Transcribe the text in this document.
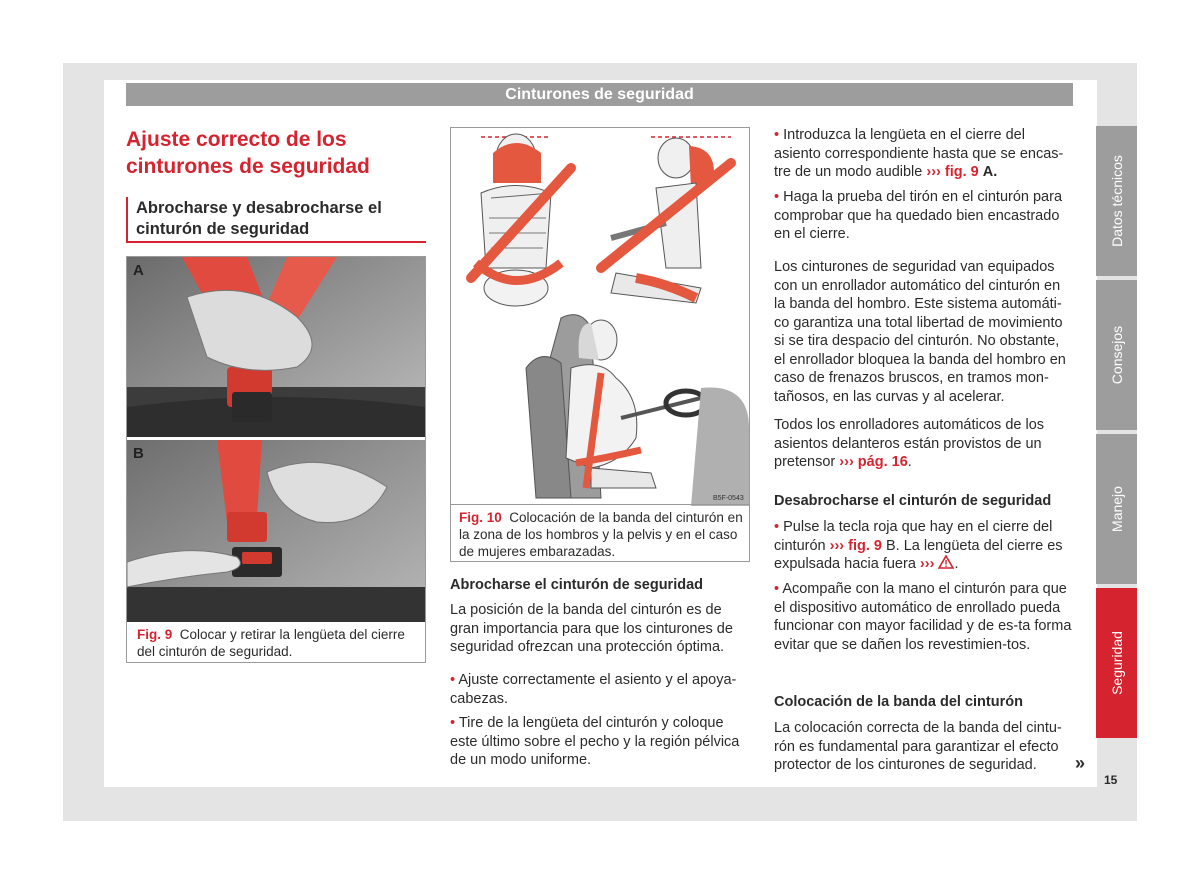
Cinturones de seguridad
Ajuste correcto de los cinturones de seguridad
Abrocharse y desabrocharse el cinturón de seguridad
A
B
B5F-0542
Fig. 9 Colocar y retirar la lengüeta del cierre del cinturón de seguridad.
B5F-0543
Fig. 10 Colocación de la banda del cinturón en la zona de los hombros y la pelvis y en el caso de mujeres embarazadas.
Abrocharse el cinturón de seguridad

La posición de la banda del cinturón es de gran importancia para que los cinturones de seguridad ofrezcan una protección óptima.

• Ajuste correctamente el asiento y el apoya-cabezas.

• Tire de la lengüeta del cinturón y coloque este último sobre el pecho y la región pélvica de un modo uniforme.

• Introduzca la lengüeta en el cierre del asiento correspondiente hasta que se encas-tre de un modo audible ››› fig. 9 A.

• Haga la prueba del tirón en el cinturón para comprobar que ha quedado bien encastrado en el cierre.

Los cinturones de seguridad van equipados con un enrollador automático del cinturón en la banda del hombro. Este sistema automáti-co garantiza una total libertad de movimiento si se tira despacio del cinturón. No obstante, el enrollador bloquea la banda del hombro en caso de frenazos bruscos, en tramos mon-tañosos, en las curvas y al acelerar.

Todos los enrolladores automáticos de los asientos delanteros están provistos de un pretensor ››› pág. 16.

Desabrocharse el cinturón de seguridad

• Pulse la tecla roja que hay en el cierre del cinturón ››› fig. 9 B. La lengüeta del cierre es expulsada hacia fuera ››› .

• Acompañe con la mano el cinturón para que el dispositivo automático de enrollado pueda funcionar con mayor facilidad y de es-ta forma evitar que se dañen los revestimien-tos.

Colocación de la banda del cinturón

La colocación correcta de la banda del cintu-rón es fundamental para garantizar el efecto protector de los cinturones de seguridad.	»
Datos técnicos
Consejos
Manejo
Seguridad
15
